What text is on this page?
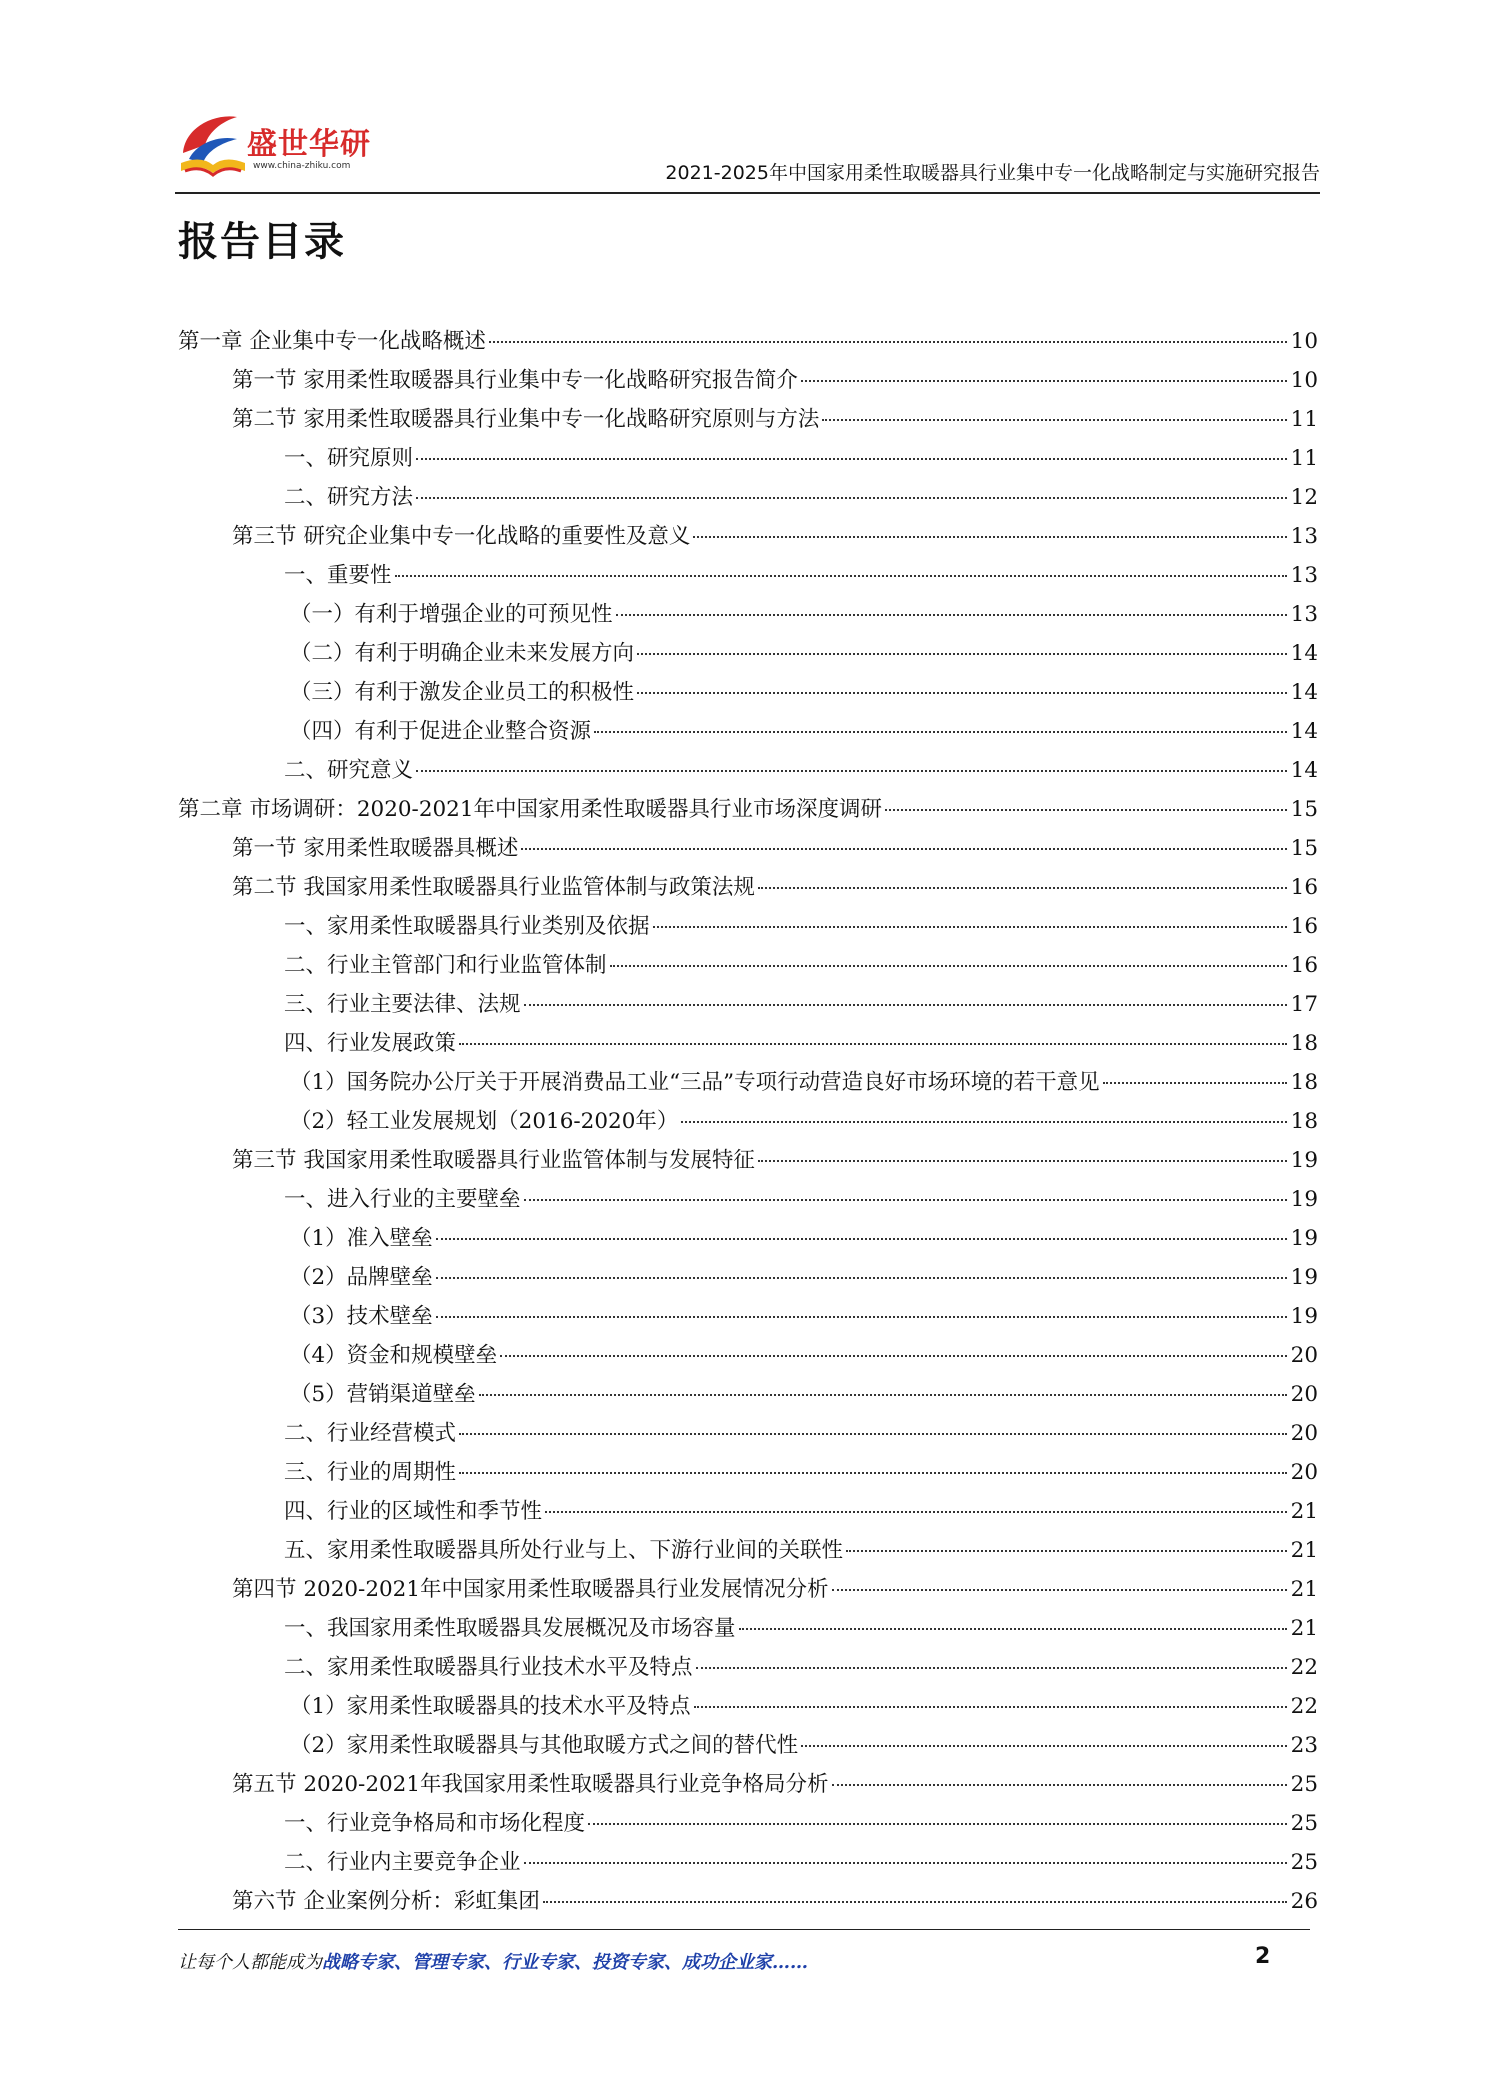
盛世华研
www.china-zhiku.com	2021-2025年中国家用柔性取暖器具行业集中专一化战略制定与实施研究报告
报告目录
第一章 企业集中专一化战略概述	10
第一节 家用柔性取暖器具行业集中专一化战略研究报告简介	10
第二节 家用柔性取暖器具行业集中专一化战略研究原则与方法	11
一、研究原则	11
二、研究方法	12
第三节 研究企业集中专一化战略的重要性及意义	13
一、重要性	13
（一）有利于增强企业的可预见性	13
（二）有利于明确企业未来发展方向	14
（三）有利于激发企业员工的积极性	14
（四）有利于促进企业整合资源	14
二、研究意义	14
第二章 市场调研：2020-2021年中国家用柔性取暖器具行业市场深度调研	15
第一节 家用柔性取暖器具概述	15
第二节 我国家用柔性取暖器具行业监管体制与政策法规	16
一、家用柔性取暖器具行业类别及依据	16
二、行业主管部门和行业监管体制	16
三、行业主要法律、法规	17
四、行业发展政策	18
（1）国务院办公厅关于开展消费品工业“三品”专项行动营造良好市场环境的若干意见	18
（2）轻工业发展规划（2016-2020年）	18
第三节 我国家用柔性取暖器具行业监管体制与发展特征	19
一、进入行业的主要壁垒	19
（1）准入壁垒	19
（2）品牌壁垒	19
（3）技术壁垒	19
（4）资金和规模壁垒	20
（5）营销渠道壁垒	20
二、行业经营模式	20
三、行业的周期性	20
四、行业的区域性和季节性	21
五、家用柔性取暖器具所处行业与上、下游行业间的关联性	21
第四节 2020-2021年中国家用柔性取暖器具行业发展情况分析	21
一、我国家用柔性取暖器具发展概况及市场容量	21
二、家用柔性取暖器具行业技术水平及特点	22
（1）家用柔性取暖器具的技术水平及特点	22
（2）家用柔性取暖器具与其他取暖方式之间的替代性	23
第五节 2020-2021年我国家用柔性取暖器具行业竞争格局分析	25
一、行业竞争格局和市场化程度	25
二、行业内主要竞争企业	25
第六节 企业案例分析：彩虹集团	26
让每个人都能成为战略专家、管理专家、行业专家、投资专家、成功企业家……	2
